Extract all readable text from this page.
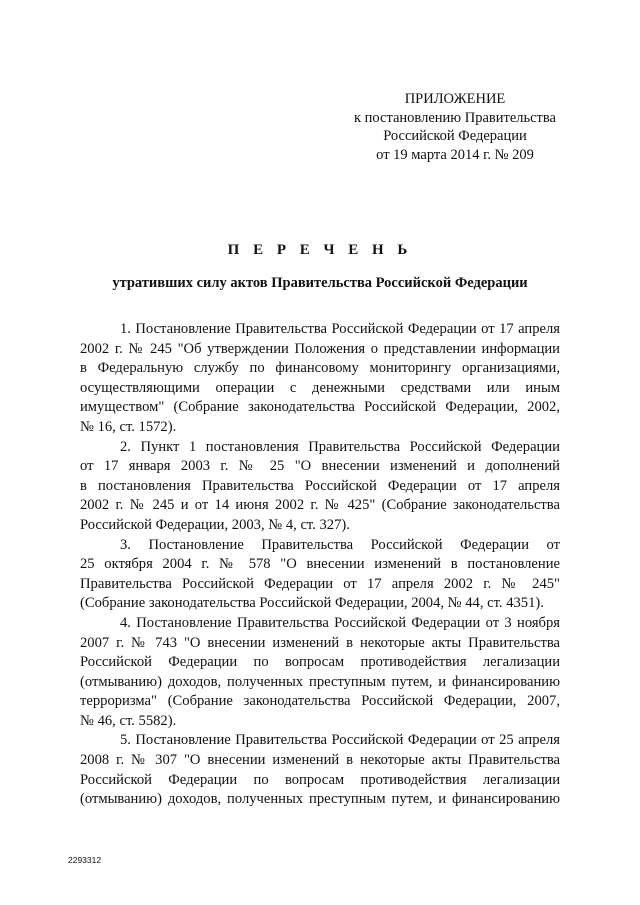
ПРИЛОЖЕНИЕ
к постановлению Правительства
Российской Федерации
от 19 марта 2014 г. № 209
П Е Р Е Ч Е Н Ь
утративших силу актов Правительства Российской Федерации
1. Постановление Правительства Российской Федерации от 17 апреля
2002 г. № 245 "Об утверждении Положения о представлении информации
в Федеральную службу по финансовому мониторингу организациями,
осуществляющими операции с денежными средствами или иным
имуществом" (Собрание законодательства Российской Федерации, 2002,
№ 16, ст. 1572).
2. Пункт 1 постановления Правительства Российской Федерации
от 17 января 2003 г. № 25 "О внесении изменений и дополнений
в постановления Правительства Российской Федерации от 17 апреля
2002 г. № 245 и от 14 июня 2002 г. № 425" (Собрание законодательства
Российской Федерации, 2003, № 4, ст. 327).
3. Постановление Правительства Российской Федерации от
25 октября 2004 г. № 578 "О внесении изменений в постановление
Правительства Российской Федерации от 17 апреля 2002 г. № 245"
(Собрание законодательства Российской Федерации, 2004, № 44, ст. 4351).
4. Постановление Правительства Российской Федерации от 3 ноября
2007 г. № 743 "О внесении изменений в некоторые акты Правительства
Российской Федерации по вопросам противодействия легализации
(отмыванию) доходов, полученных преступным путем, и финансированию
терроризма" (Собрание законодательства Российской Федерации, 2007,
№ 46, ст. 5582).
5. Постановление Правительства Российской Федерации от 25 апреля
2008 г. № 307 "О внесении изменений в некоторые акты Правительства
Российской Федерации по вопросам противодействия легализации
(отмыванию) доходов, полученных преступным путем, и финансированию
2293312
